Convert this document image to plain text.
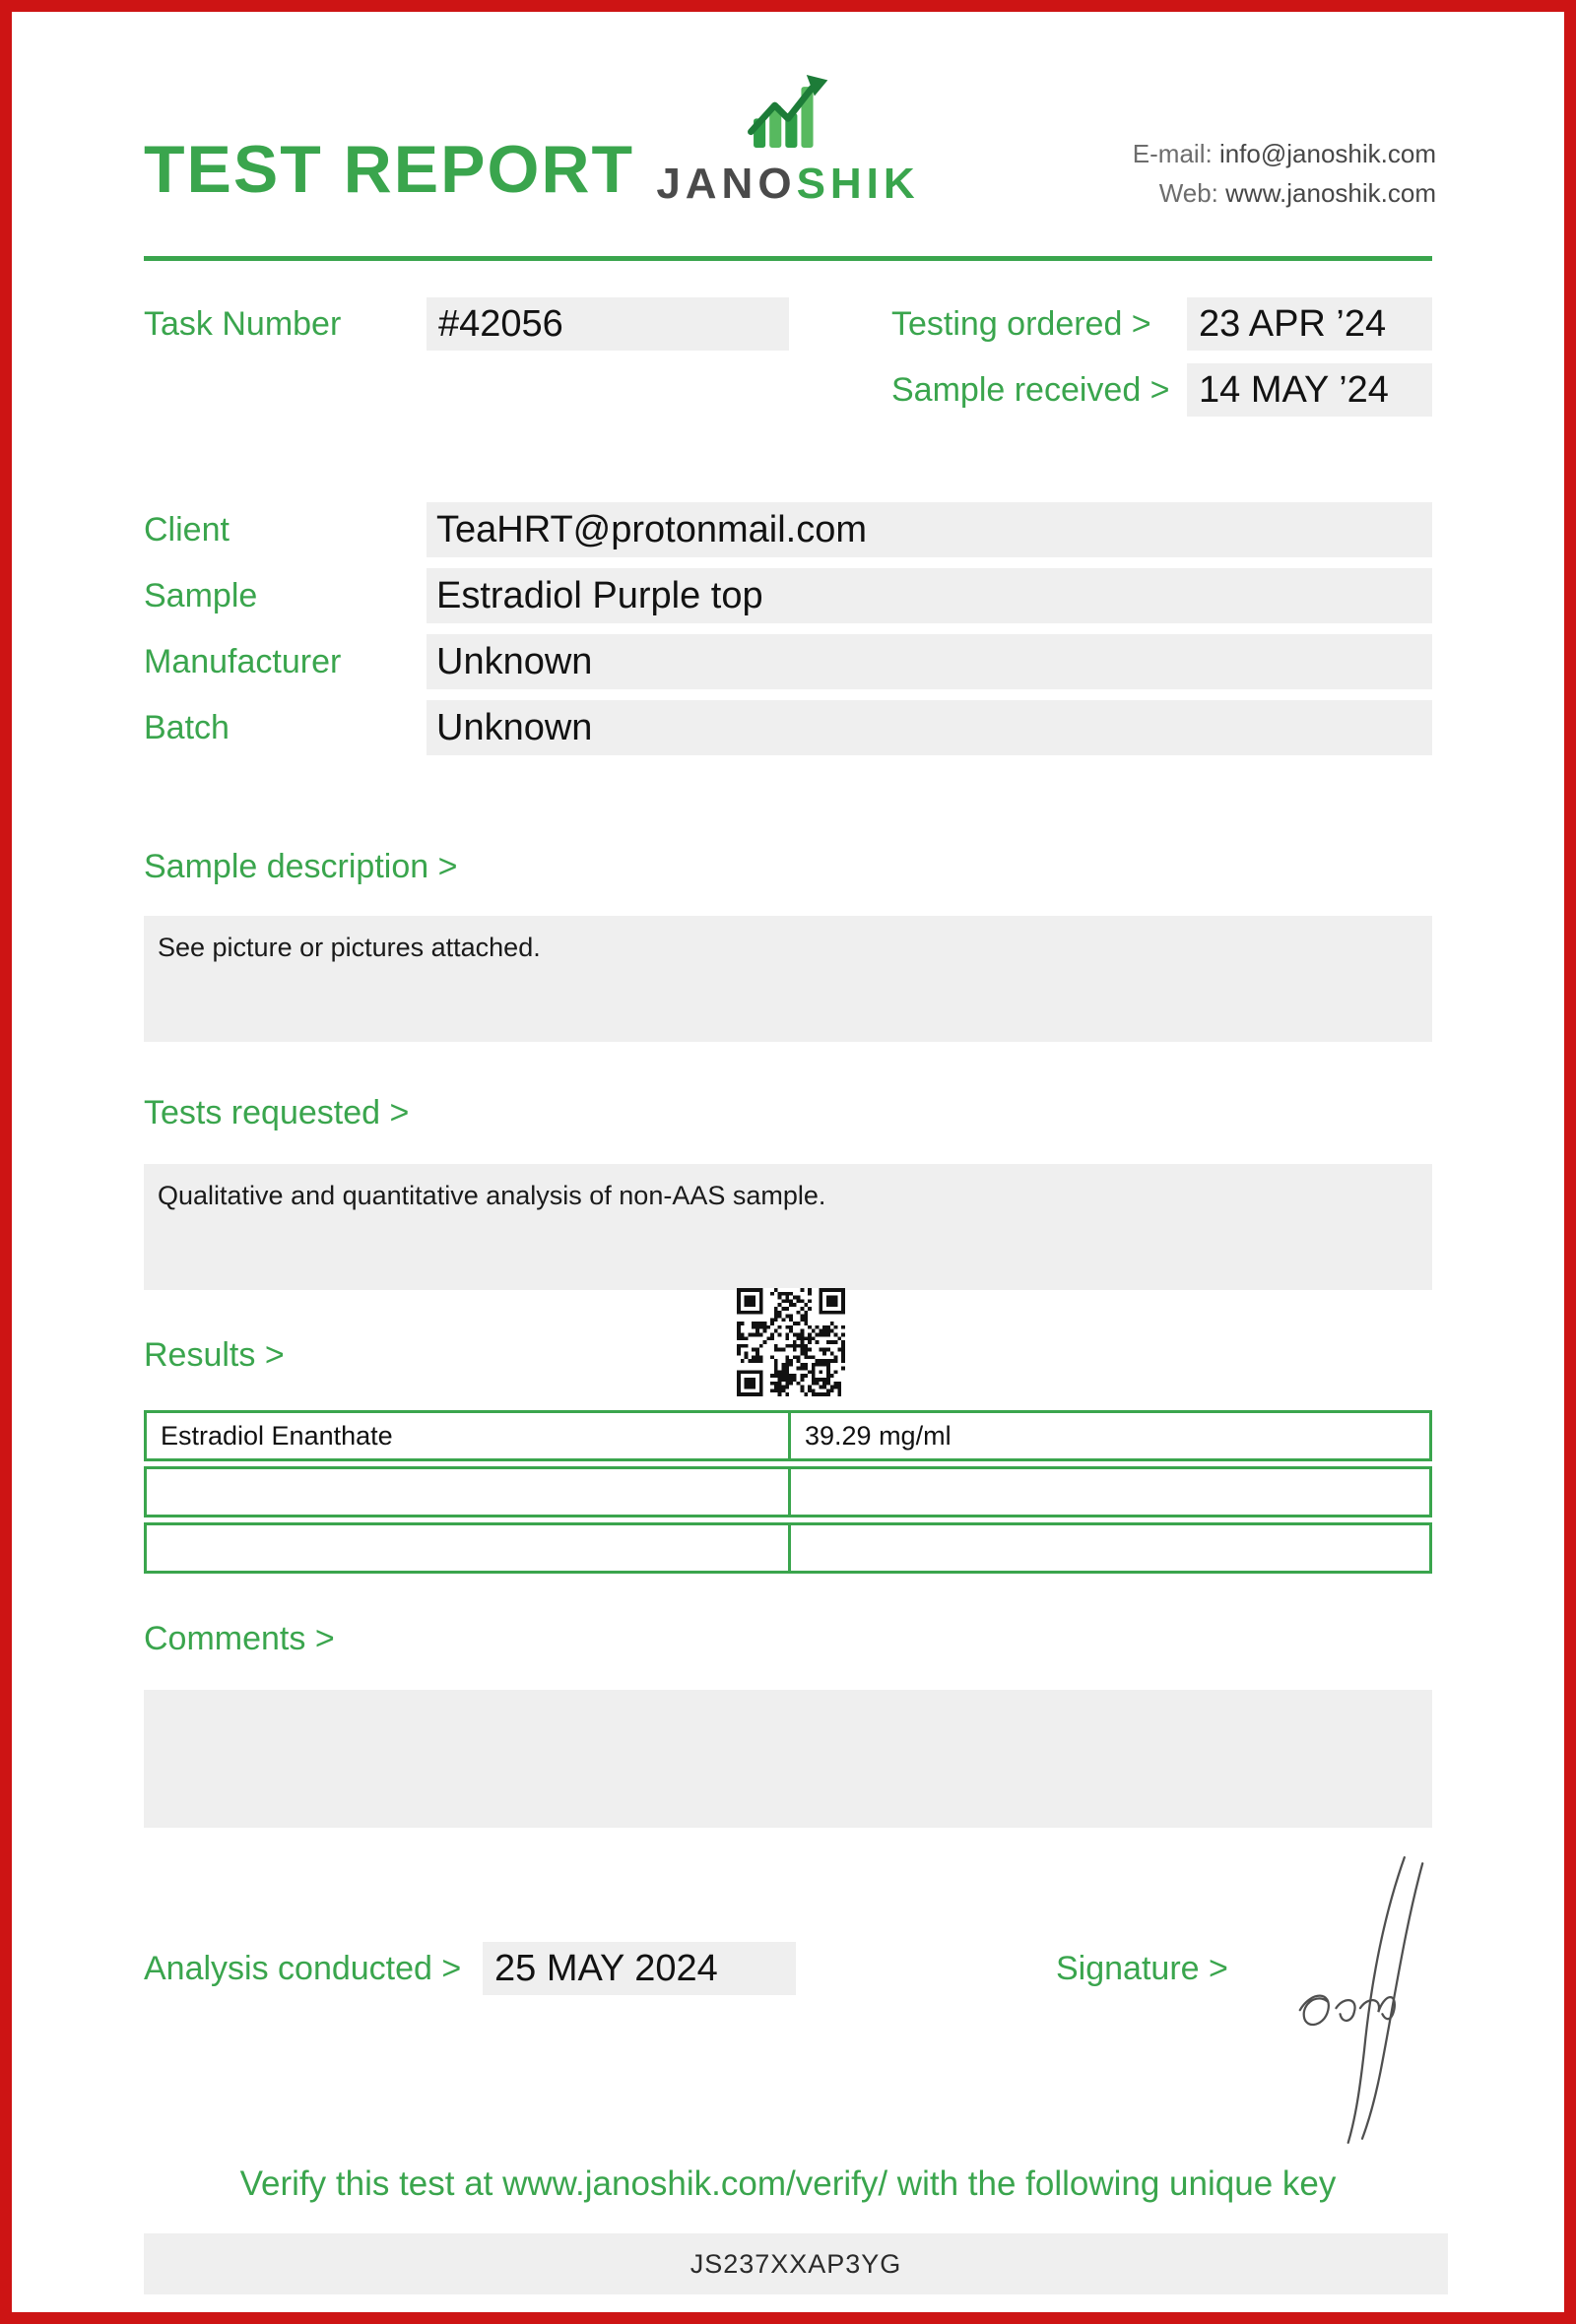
TEST REPORT JANOSHIK
E-mail: info@janoshik.com
Web: www.janoshik.com
Task Number	#42056	Testing ordered >	23 APR ’24
Sample received > 14 MAY ’24
Client	TeaHRT@protonmail.com
Sample	Estradiol Purple top
Manufacturer	Unknown
Batch	Unknown
Sample description >
See picture or pictures attached.
Tests requested >
Qualitative and quantitative analysis of non-AAS sample.
Results >
Estradiol Enanthate	39.29 mg/ml
Comments >
Analysis conducted > 25 MAY 2024	Signature >
Verify this test at www.janoshik.com/verify/ with the following unique key
JS237XXAP3YG
